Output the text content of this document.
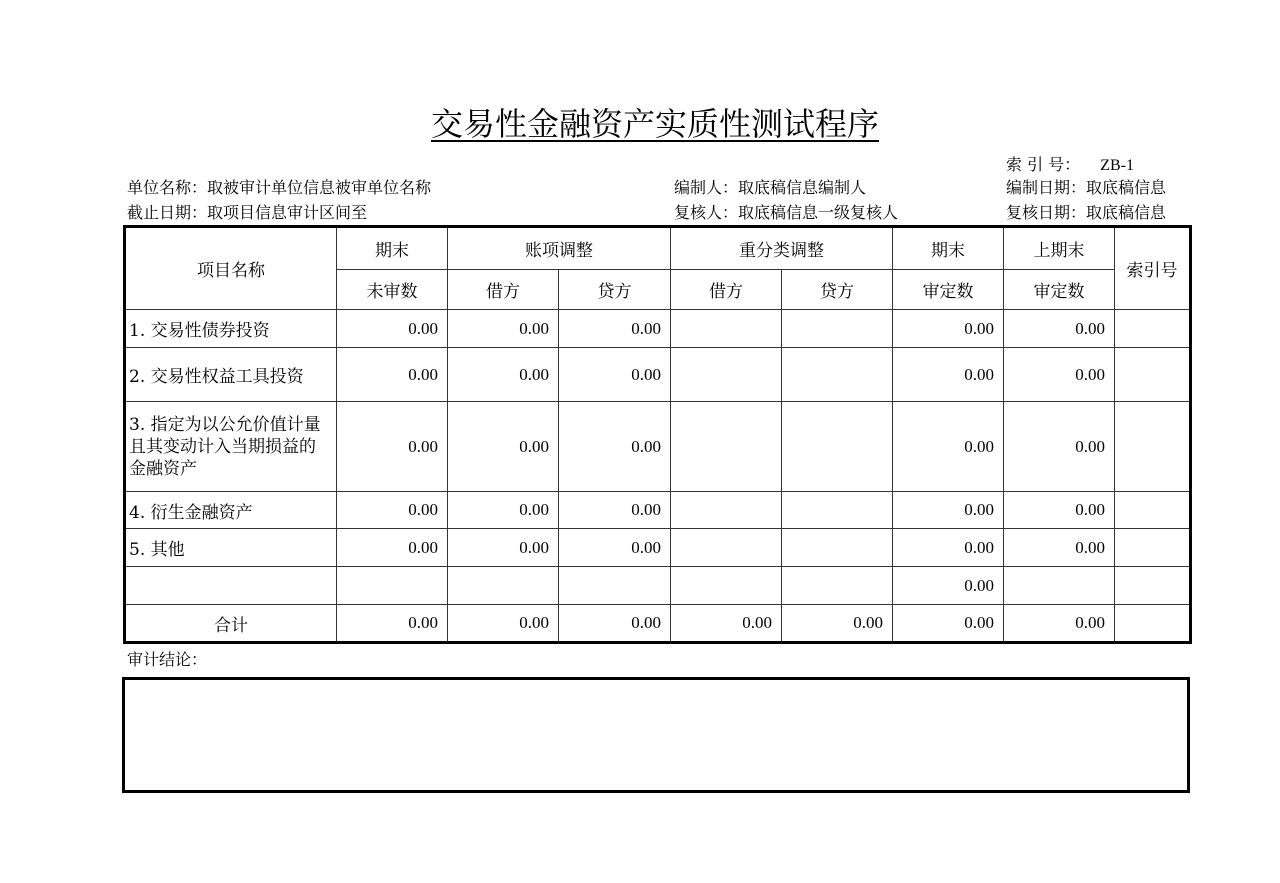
交易性金融资产实质性测试程序
索 引 号： ZB-1
单位名称：取被审计单位信息被审单位名称
截止日期：取项目信息审计区间至
编制人：取底稿信息编制人
复核人：取底稿信息一级复核人
编制日期：取底稿信息
复核日期：取底稿信息
项目名称	期末	账项调整		重分类调整		期末	上期末	索引号
	未审数	借方	贷方	借方	贷方	审定数	审定数	
1. 交易性债券投资	0.00	0.00	0.00			0.00	0.00	
2. 交易性权益工具投资	0.00	0.00	0.00			0.00	0.00	
3. 指定为以公允价值计量且其变动计入当期损益的金融资产	0.00	0.00	0.00			0.00	0.00	
4. 衍生金融资产	0.00	0.00	0.00			0.00	0.00	
5. 其他	0.00	0.00	0.00			0.00	0.00	
						0.00		
合计	0.00	0.00	0.00	0.00	0.00	0.00	0.00	
审计结论：
